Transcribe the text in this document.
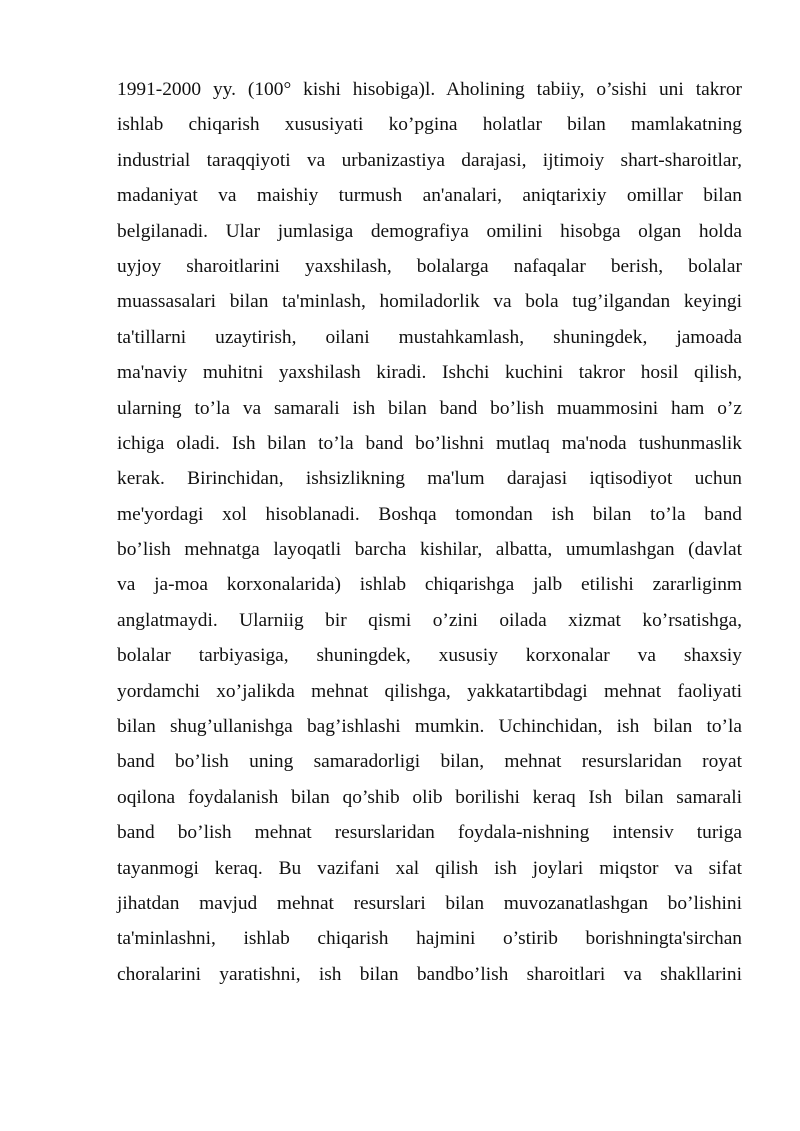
1991-2000 yy. (100° kishi hisobiga)l. Aholining tabiiy, o’sishi uni takror
ishlab chiqarish xususiyati ko’pgina holatlar bilan mamlakatning
industrial taraqqiyoti va urbanizastiya darajasi, ijtimoiy shart-sharoitlar,
madaniyat va maishiy turmush an'analari, aniqtarixiy omillar bilan
belgilanadi. Ular jumlasiga demografiya omilini hisobga olgan holda
uyjoy sharoitlarini yaxshilash, bolalarga nafaqalar berish, bolalar
muassasalari bilan ta'minlash, homiladorlik va bola tug’ilgandan keyingi
ta'tillarni uzaytirish, oilani mustahkamlash, shuningdek, jamoada
ma'naviy muhitni yaxshilash kiradi. Ishchi kuchini takror hosil qilish,
ularning to’la va samarali ish bilan band bo’lish muammosini ham o’z
ichiga oladi. Ish bilan to’la band bo’lishni mutlaq ma'noda tushunmaslik
kerak. Birinchidan, ishsizlikning ma'lum darajasi iqtisodiyot uchun
me'yordagi xol hisoblanadi. Boshqa tomondan ish bilan to’la band
bo’lish mehnatga layoqatli barcha kishilar, albatta, umumlashgan (davlat
va ja-moa korxonalarida) ishlab chiqarishga jalb etilishi zararliginm
anglatmaydi. Ularniig bir qismi o’zini oilada xizmat ko’rsatishga,
bolalar tarbiyasiga, shuningdek, xususiy korxonalar va shaxsiy
yordamchi xo’jalikda mehnat qilishga, yakkatartibdagi mehnat faoliyati
bilan shug’ullanishga bag’ishlashi mumkin. Uchinchidan, ish bilan to’la
band bo’lish uning samaradorligi bilan, mehnat resurslaridan royat
oqilona foydalanish bilan qo’shib olib borilishi keraq Ish bilan samarali
band bo’lish mehnat resurslaridan foydala-nishning intensiv turiga
tayanmogi keraq. Bu vazifani xal qilish ish joylari miqstor va sifat
jihatdan mavjud mehnat resurslari bilan muvozanatlashgan bo’lishini
ta'minlashni, ishlab chiqarish hajmini o’stirib borishningta'sirchan
choralarini yaratishni, ish bilan bandbo’lish sharoitlari va shakllarini
